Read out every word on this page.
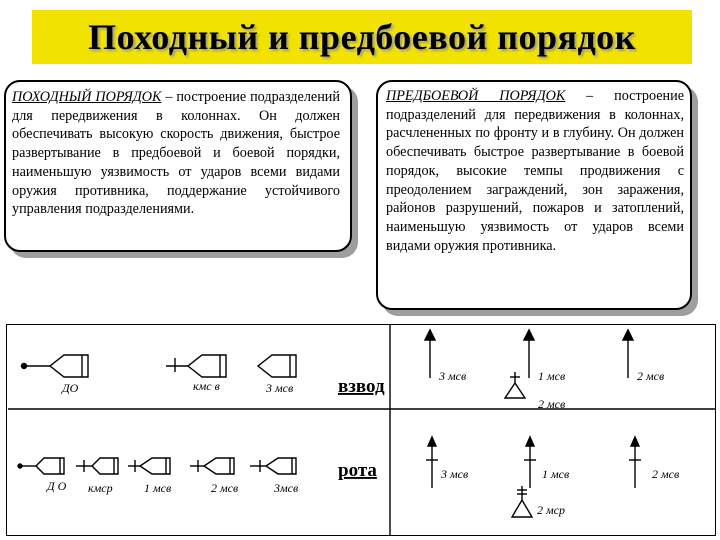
Походный и предбоевой порядок
ПОХОДНЫЙ ПОРЯДОК – построение подразделений для передвижения в колоннах. Он должен обеспечивать высокую скорость движения, быстрое развертывание в предбоевой и боевой порядки, наименьшую уязвимость от ударов всеми видами оружия противника, поддержание устойчивого управления подразделениями.
ПРЕДБОЕВОЙ ПОРЯДОК – построение подразделений для передвижения в колоннах, расчлененных по фронту и в глубину. Он должен обеспечивать быстрое развертывание в боевой порядок, высокие темпы продвижения с преодолением заграждений, зон заражения, районов разрушений, пожаров и затоплений, наименьшую уязвимость от ударов всеми видами оружия противника.
ДО	кмс в	3 мсв взвод
рота
Д О кмср	1 мсв	2 мсв	3мсв
3 мсв	1 мсв	2 мсв
2 мсв
3 мсв	1 мсв	2 мсв
2 мср
